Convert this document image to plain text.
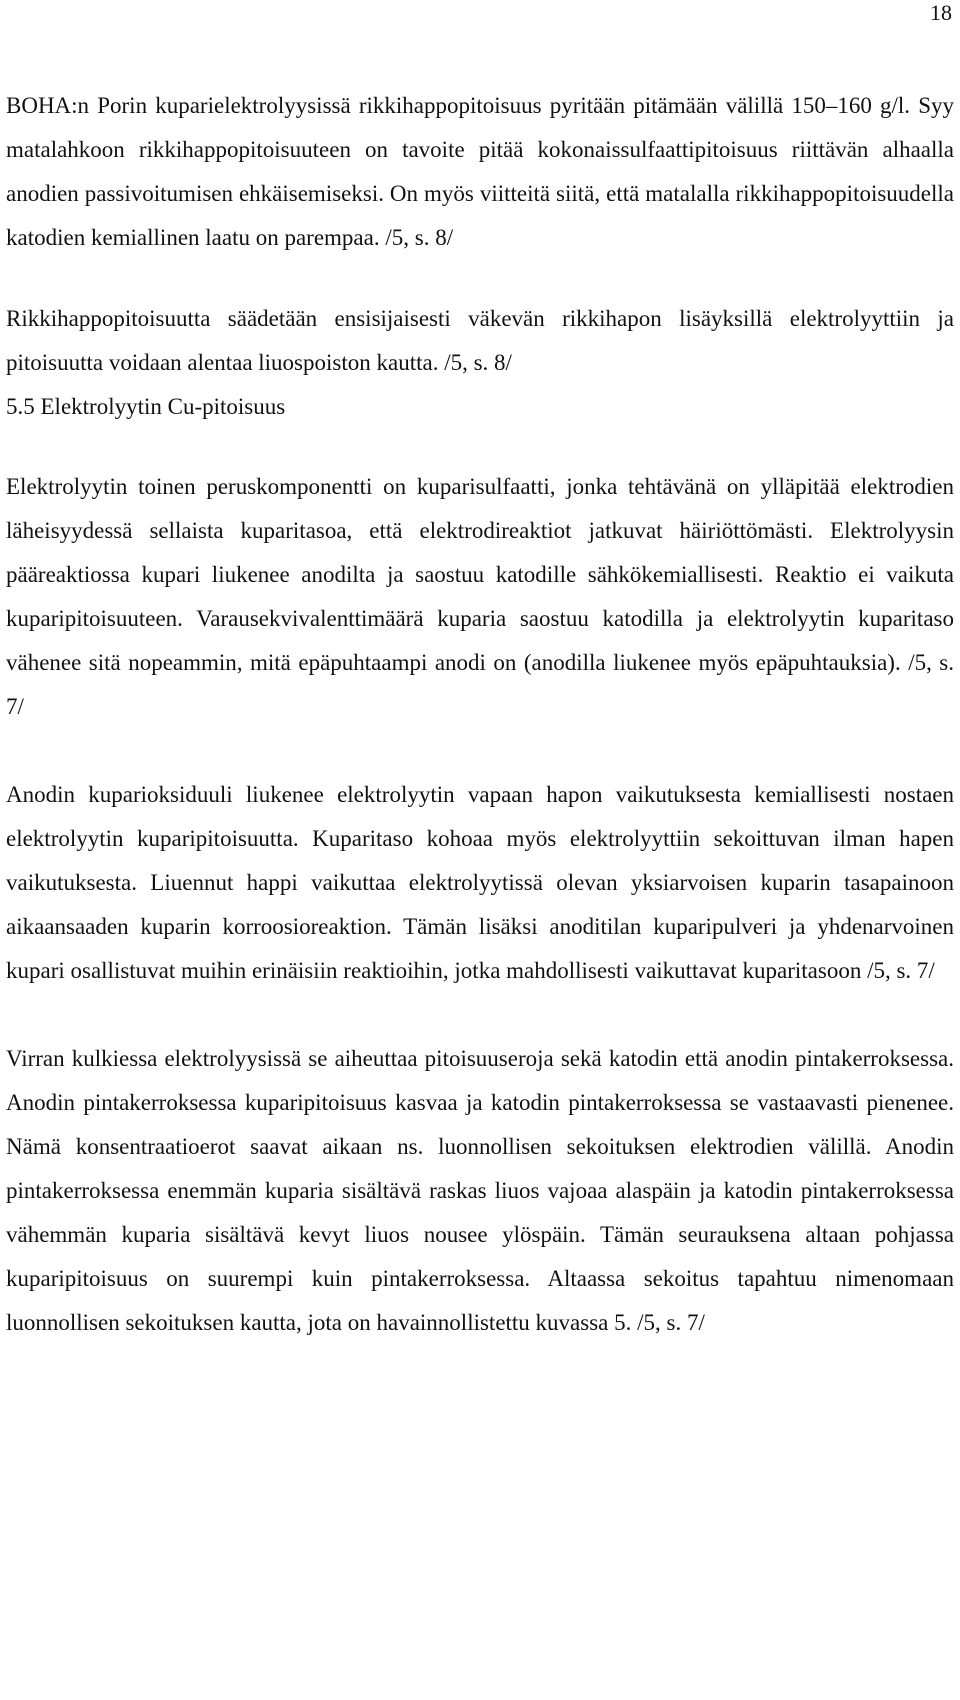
18

BOHA:n Porin kuparielektrolyysissä rikkihappopitoisuus pyritään pitämään välillä 150–160 g/l. Syy matalahkoon rikkihappopitoisuuteen on tavoite pitää kokonaissulfaattipitoisuus riittävän alhaalla anodien passivoitumisen ehkäisemiseksi. On myös viitteitä siitä, että matalalla rikkihappopitoisuudella katodien kemiallinen laatu on parempaa. /5, s. 8/

Rikkihappopitoisuutta säädetään ensisijaisesti väkevän rikkihapon lisäyksillä elektrolyyttiin ja pitoisuutta voidaan alentaa liuospoiston kautta. /5, s. 8/

5.5 Elektrolyytin Cu-pitoisuus

Elektrolyytin toinen peruskomponentti on kuparisulfaatti, jonka tehtävänä on ylläpitää elektrodien läheisyydessä sellaista kuparitasoa, että elektrodireaktiot jatkuvat häiriöttömästi. Elektrolyysin pääreaktiossa kupari liukenee anodilta ja saostuu katodille sähkökemiallisesti. Reaktio ei vaikuta kuparipitoisuuteen. Varausekvivalenttimäärä kuparia saostuu katodilla ja elektrolyytin kuparitaso vähenee sitä nopeammin, mitä epäpuhtaampi anodi on (anodilla liukenee myös epäpuhtauksia). /5, s. 7/

Anodin kuparioksiduuli liukenee elektrolyytin vapaan hapon vaikutuksesta kemiallisesti nostaen elektrolyytin kuparipitoisuutta. Kuparitaso kohoaa myös elektrolyyttiin sekoittuvan ilman hapen vaikutuksesta. Liuennut happi vaikuttaa elektrolyytissä olevan yksiarvoisen kuparin tasapainoon aikaansaaden kuparin korroosioreaktion. Tämän lisäksi anoditilan kuparipulveri ja yhdenarvoinen kupari osallistuvat muihin erinäisiin reaktioihin, jotka mahdollisesti vaikuttavat kuparitasoon /5, s. 7/

Virran kulkiessa elektrolyysissä se aiheuttaa pitoisuuseroja sekä katodin että anodin pintakerroksessa. Anodin pintakerroksessa kuparipitoisuus kasvaa ja katodin pintakerroksessa se vastaavasti pienenee. Nämä konsentraatioerot saavat aikaan ns. luonnollisen sekoituksen elektrodien välillä. Anodin pintakerroksessa enemmän kuparia sisältävä raskas liuos vajoaa alaspäin ja katodin pintakerroksessa vähemmän kuparia sisältävä kevyt liuos nousee ylöspäin. Tämän seurauksena altaan pohjassa kuparipitoisuus on suurempi kuin pintakerroksessa. Altaassa sekoitus tapahtuu nimenomaan luonnollisen sekoituksen kautta, jota on havainnollistettu kuvassa 5. /5, s. 7/
